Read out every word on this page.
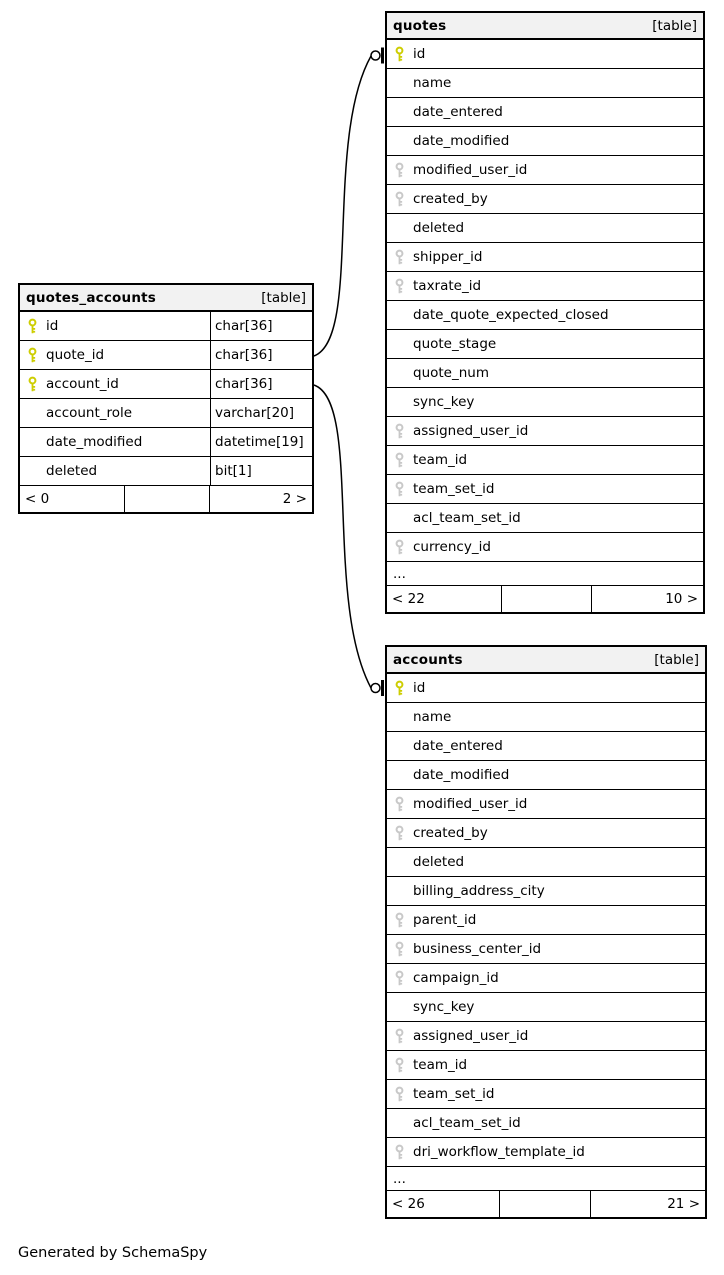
quotes	[table]
id
name
date_entered
date_modified
modified_user_id
created_by
deleted
shipper_id
taxrate_id
date_quote_expected_closed
quote_stage
quote_num
sync_key
assigned_user_id
team_id
team_set_id
acl_team_set_id
currency_id
...
< 22	10 >
quotes_accounts	[table]
id	char[36]
quote_id	char[36]
account_id	char[36]
account_role	varchar[20]
date_modified	datetime[19]
deleted	bit[1]
< 0	2 >
accounts	[table]
id
name
date_entered
date_modified
modified_user_id
created_by
deleted
billing_address_city
parent_id
business_center_id
campaign_id
sync_key
assigned_user_id
team_id
team_set_id
acl_team_set_id
dri_workflow_template_id
...
< 26	21 >
Generated by SchemaSpy
